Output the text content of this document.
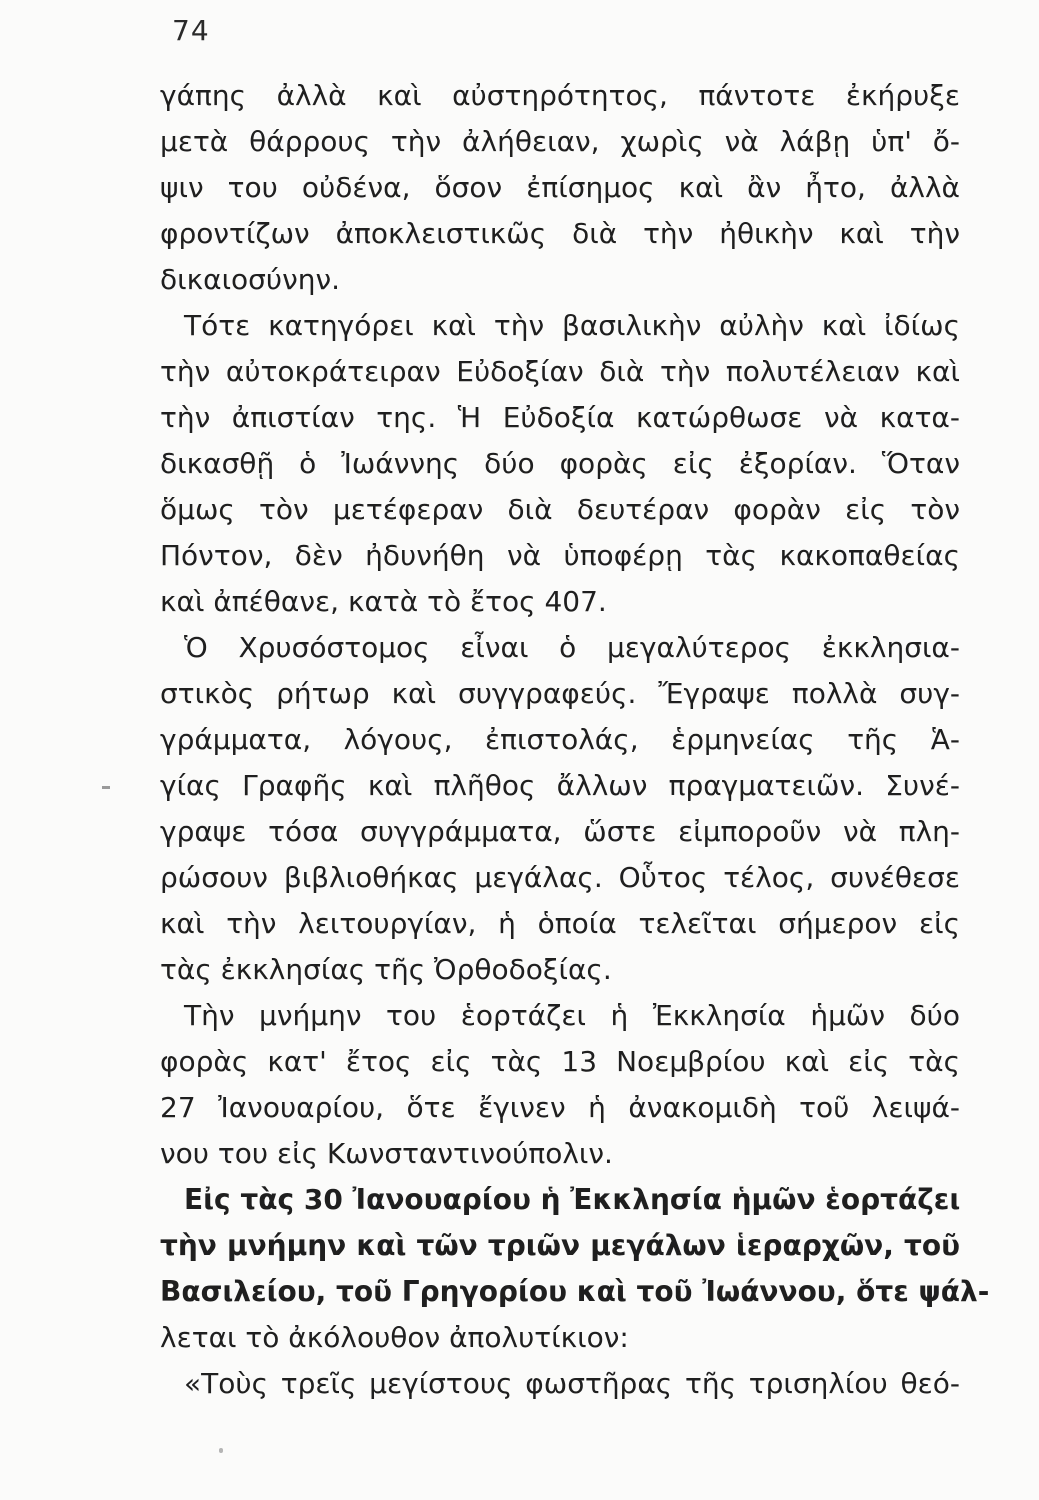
74
γάπης ἀλλὰ καὶ αὐστηρότητος, πάντοτε ἐκήρυξε
μετὰ θάρρους τὴν ἀλήθειαν, χωρὶς νὰ λάβῃ ὑπ' ὄ-
ψιν του οὐδένα, ὅσον ἐπίσημος καὶ ἂν ἦτο, ἀλλὰ
φροντίζων ἀποκλειστικῶς διὰ τὴν ἠθικὴν καὶ τὴν
δικαιοσύνην.
Τότε κατηγόρει καὶ τὴν βασιλικὴν αὐλὴν καὶ ἰδίως
τὴν αὐτοκράτειραν Εὐδοξίαν διὰ τὴν πολυτέλειαν καὶ
τὴν ἀπιστίαν της. Ἡ Εὐδοξία κατώρθωσε νὰ κατα-
δικασθῇ ὁ Ἰωάννης δύο φορὰς εἰς ἐξορίαν. Ὅταν
ὅμως τὸν μετέφεραν διὰ δευτέραν φορὰν εἰς τὸν
Πόντον, δὲν ἠδυνήθη νὰ ὑποφέρῃ τὰς κακοπαθείας
καὶ ἀπέθανε, κατὰ τὸ ἔτος 407.
Ὁ Χρυσόστομος εἶναι ὁ μεγαλύτερος ἐκκλησια-
στικὸς ρήτωρ καὶ συγγραφεύς. Ἔγραψε πολλὰ συγ-
γράμματα, λόγους, ἐπιστολάς, ἑρμηνείας τῆς Ἁ-
γίας Γραφῆς καὶ πλῆθος ἄλλων πραγματειῶν. Συνέ-
γραψε τόσα συγγράμματα, ὥστε εἰμποροῦν νὰ πλη-
ρώσουν βιβλιοθήκας μεγάλας. Οὗτος τέλος, συνέθεσε
καὶ τὴν λειτουργίαν, ἡ ὁποία τελεῖται σήμερον εἰς
τὰς ἐκκλησίας τῆς Ὀρθοδοξίας.
Τὴν μνήμην του ἑορτάζει ἡ Ἐκκλησία ἡμῶν δύο
φορὰς κατ' ἔτος εἰς τὰς 13 Νοεμβρίου καὶ εἰς τὰς
27 Ἰανουαρίου, ὅτε ἔγινεν ἡ ἀνακομιδὴ τοῦ λειψά-
νου του εἰς Κωνσταντινούπολιν.
Εἰς τὰς 30 Ἰανουαρίου ἡ Ἐκκλησία ἡμῶν ἑορτάζει
τὴν μνήμην καὶ τῶν τριῶν μεγάλων ἱεραρχῶν, τοῦ
Βασιλείου, τοῦ Γρηγορίου καὶ τοῦ Ἰωάννου, ὅτε ψάλ-
λεται τὸ ἀκόλουθον ἀπολυτίκιον:
«Τοὺς τρεῖς μεγίστους φωστῆρας τῆς τρισηλίου θεό-
